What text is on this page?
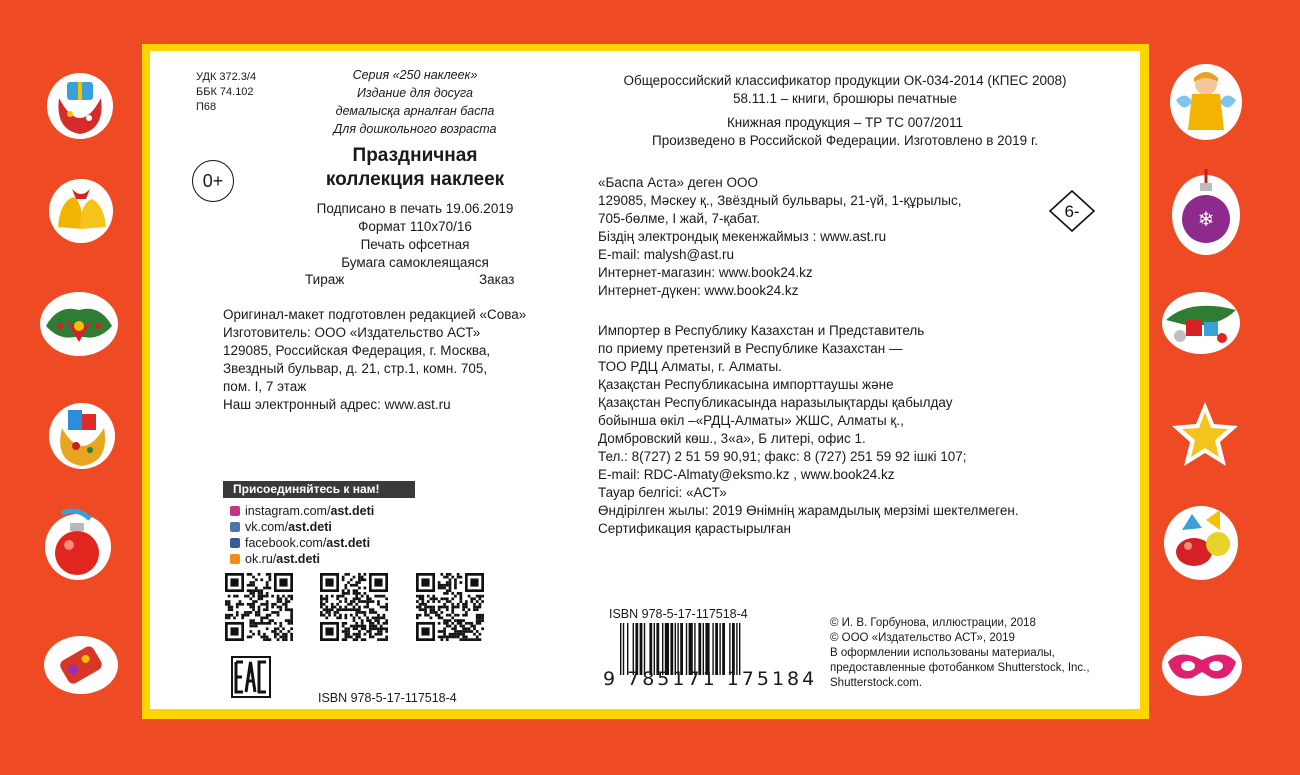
УДК 372.3/4
ББК 74.102
П68
Серия «250 наклеек»
Издание для досуга
демалысқа арналған баспа
Для дошкольного возраста
0+
Праздничная
коллекция наклеек
Подписано в печать 19.06.2019
Формат 110х70/16
Печать офсетная
Бумага самоклеящаяся
Тираж	Заказ
Оригинал-макет подготовлен редакцией «Сова»
Изготовитель: ООО «Издательство АСТ»
129085, Российская Федерация, г. Москва,
Звездный бульвар, д. 21, стр.1, комн. 705,
пом. I, 7 этаж
Наш электронный адрес: www.ast.ru
Присоединяйтесь к нам!
instagram.com/ ast.deti
vk.com/ ast.deti
facebook.com/ ast.deti
ok.ru/ ast.deti
ISBN 978-5-17-117518-4
Общероссийский классификатор продукции ОК-034-2014 (КПЕС 2008)
58.11.1 – книги, брошюры печатные
Книжная продукция – ТР ТС 007/2011
Произведено в Российской Федерации. Изготовлено в 2019 г.
«Баспа Аста» деген ООО
129085, Мәскеу қ., Звёздный бульвары, 21-үй, 1-құрылыс,
705-бөлме, I жай, 7-қабат.
Біздің электрондық мекенжаймыз : www.ast.ru
E-mail: malysh@ast.ru
Интернет-магазин: www.book24.kz
Интернет-дүкен: www.book24.kz
6-
Импортер в Республику Казахстан и Представитель
по приему претензий в Республике Казахстан —
ТОО РДЦ Алматы, г. Алматы.
Қазақстан Республикасына импорттаушы және
Қазақстан Республикасында наразылықтарды қабылдау
бойынша өкіл –«РДЦ-Алматы» ЖШС, Алматы қ.,
Домбровский көш., 3«а», Б литері, офис 1.
Тел.: 8(727) 2 51 59 90,91; факс: 8 (727) 251 59 92 ішкі 107;
E-mail: RDC-Almaty@eksmo.kz , www.book24.kz
Тауар белгісі: «АСТ»
Өндірілген жылы: 2019 Өнімнің жарамдылық мерзімі шектелмеген.
Сертификация қарастырылған
ISBN 978-5-17-117518-4
9 785171 175184
© И. В. Горбунова, иллюстрации, 2018
© ООО «Издательство АСТ», 2019
В оформлении использованы материалы,
предоставленные фотобанком Shutterstock, Inc.,
Shutterstock.com.
❄
